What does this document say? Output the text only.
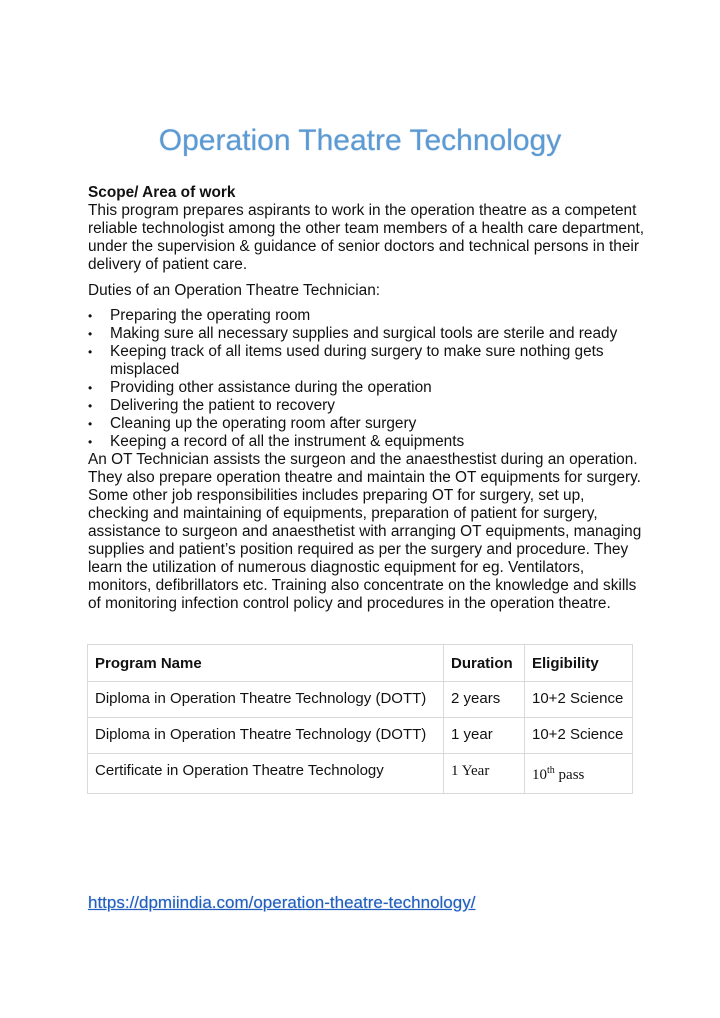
Operation Theatre Technology

Scope/ Area of work

This program prepares aspirants to work in the operation theatre as a competent reliable technologist among the other team members of a health care department, under the supervision & guidance of senior doctors and technical persons in their delivery of patient care.

Duties of an Operation Theatre Technician:

• Preparing the operating room
• Making sure all necessary supplies and surgical tools are sterile and ready
• Keeping track of all items used during surgery to make sure nothing gets misplaced
• Providing other assistance during the operation
• Delivering the patient to recovery
• Cleaning up the operating room after surgery
• Keeping a record of all the instrument & equipments

An OT Technician assists the surgeon and the anaesthestist during an operation. They also prepare operation theatre and maintain the OT equipments for surgery. Some other job responsibilities includes preparing OT for surgery, set up, checking and maintaining of equipments, preparation of patient for surgery, assistance to surgeon and anaesthetist with arranging OT equipments, managing supplies and patient’s position required as per the surgery and procedure. They learn the utilization of numerous diagnostic equipment for eg. Ventilators, monitors, defibrillators etc. Training also concentrate on the knowledge and skills of monitoring infection control policy and procedures in the operation theatre.

Program Name	Duration	Eligibility
Diploma in Operation Theatre Technology (DOTT)	2 years	10+2 Science
Diploma in Operation Theatre Technology (DOTT)	1 year	10+2 Science
Certificate in Operation Theatre Technology	1 Year	10th pass
https://dpmiindia.com/operation-theatre-technology/
